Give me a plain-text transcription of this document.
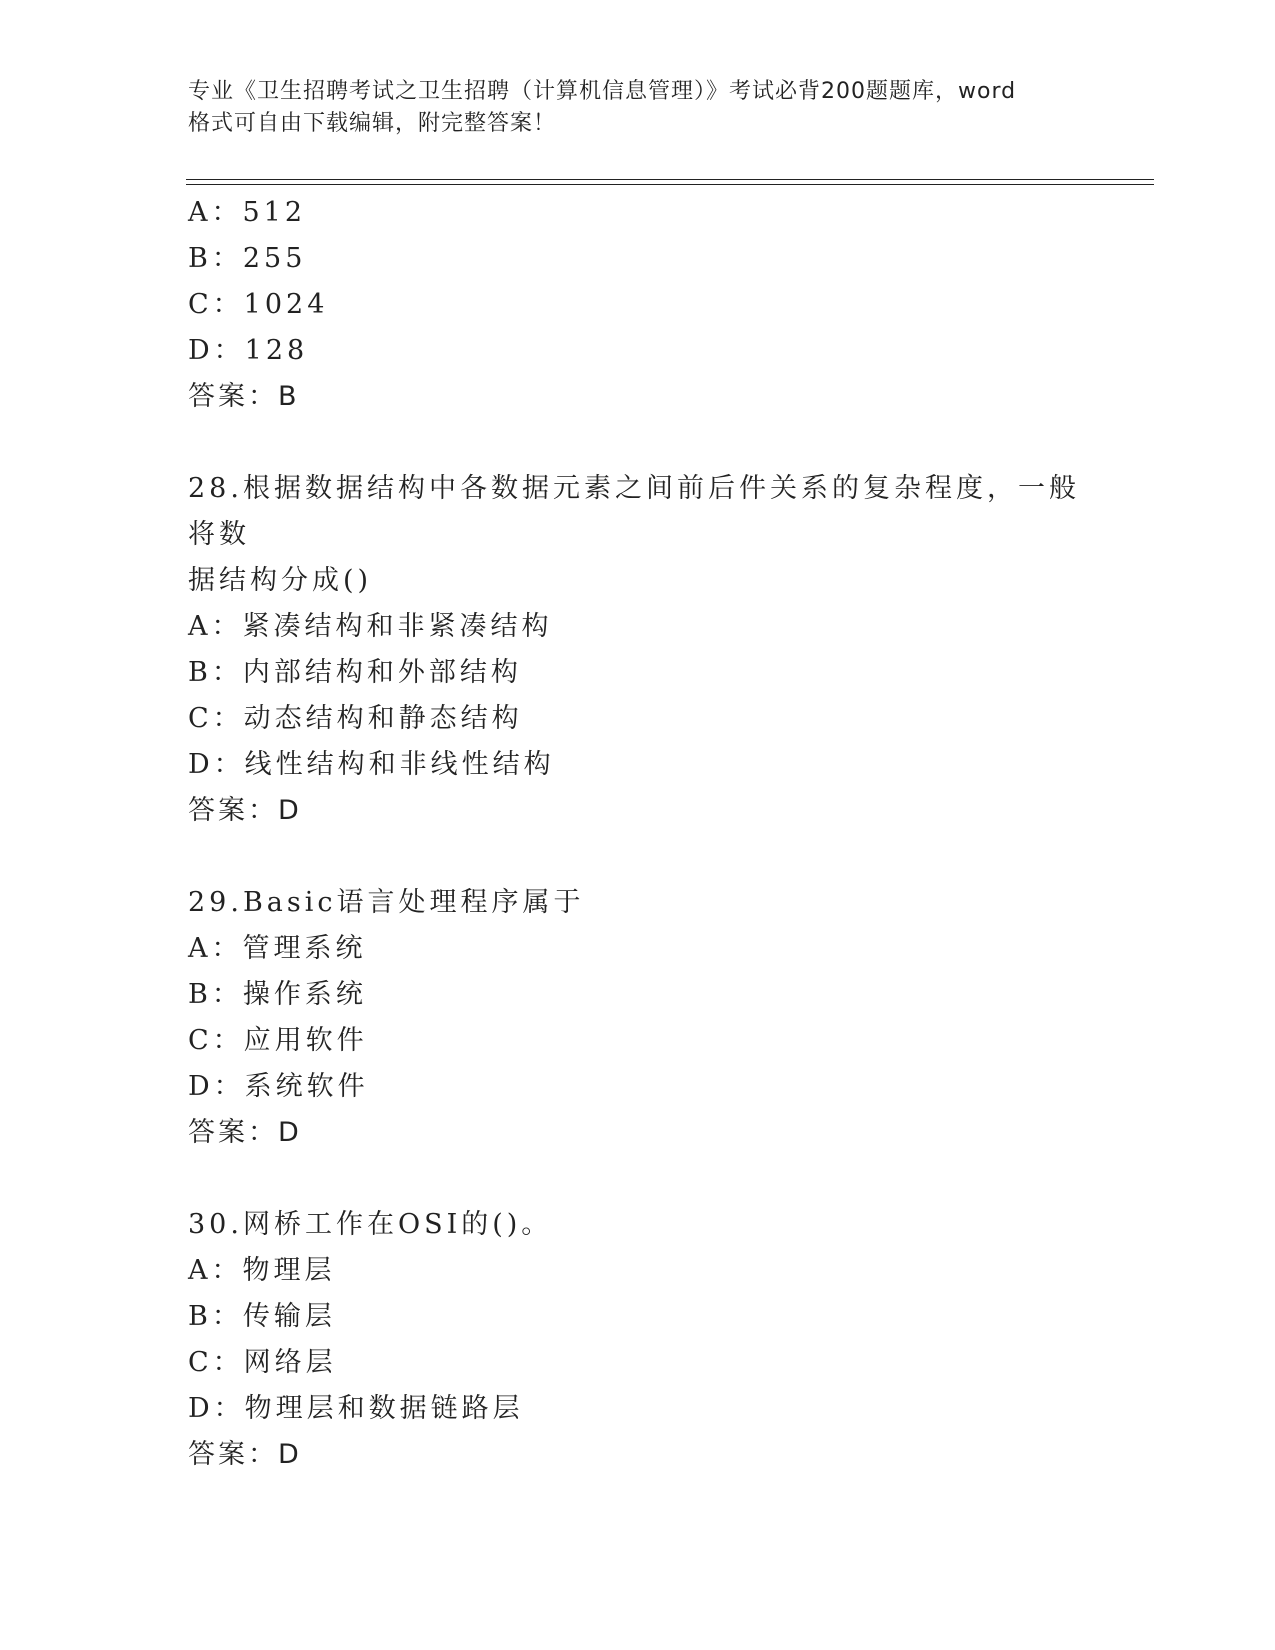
专业《卫生招聘考试之卫生招聘（计算机信息管理）》考试必背200题题库，word
格式可自由下载编辑，附完整答案！
A：512
B：255
C：1024
D：128
答案：B
28.根据数据结构中各数据元素之间前后件关系的复杂程度，一般将数
据结构分成()
A：紧凑结构和非紧凑结构
B：内部结构和外部结构
C：动态结构和静态结构
D：线性结构和非线性结构
答案：D
29.Basic语言处理程序属于
A：管理系统
B：操作系统
C：应用软件
D：系统软件
答案：D
30.网桥工作在OSI的()。
A：物理层
B：传输层
C：网络层
D：物理层和数据链路层
答案：D
